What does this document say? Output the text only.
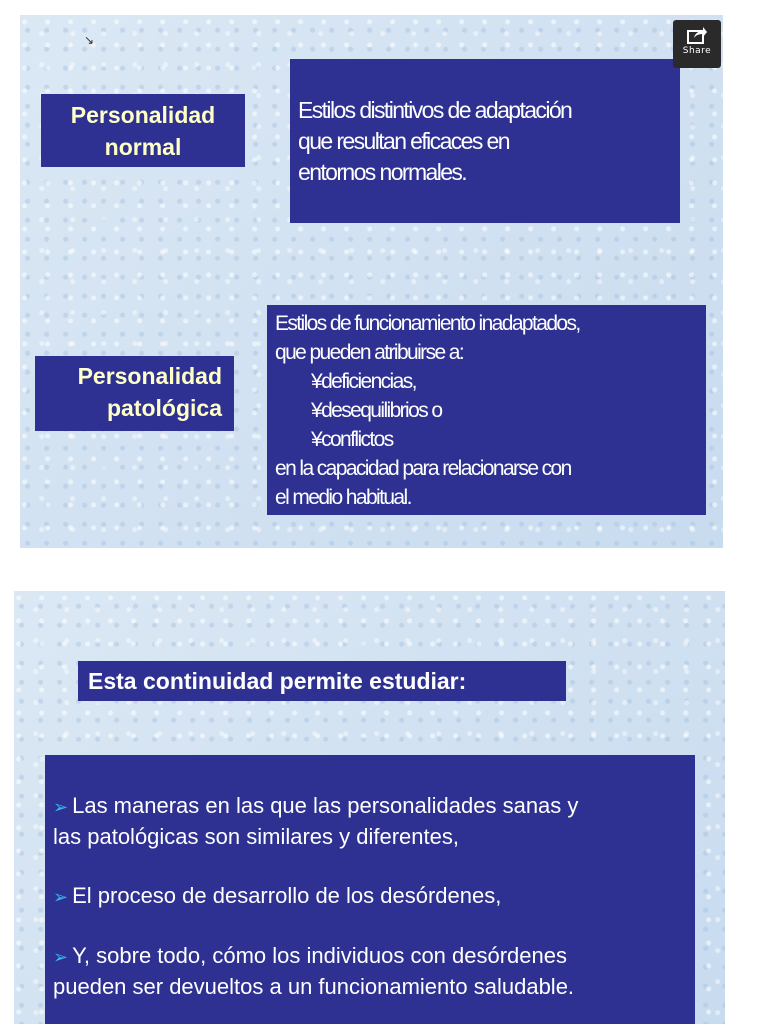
↘
Personalidad
normal
Estilos distintivos de adaptación
que resultan eficaces en
entornos normales.
Personalidad
patológica
Estilos de funcionamiento inadaptados,
que pueden atribuirse a:
¥deficiencias,
¥desequilibrios o
¥conflictos
en la capacidad para relacionarse con
el medio habitual.
Share
Esta continuidad permite estudiar:
➢ Las maneras en las que las personalidades sanas y
las patológicas son similares y diferentes,
➢ El proceso de desarrollo de los desórdenes,
➢ Y, sobre todo, cómo los individuos con desórdenes
pueden ser devueltos a un funcionamiento saludable.
